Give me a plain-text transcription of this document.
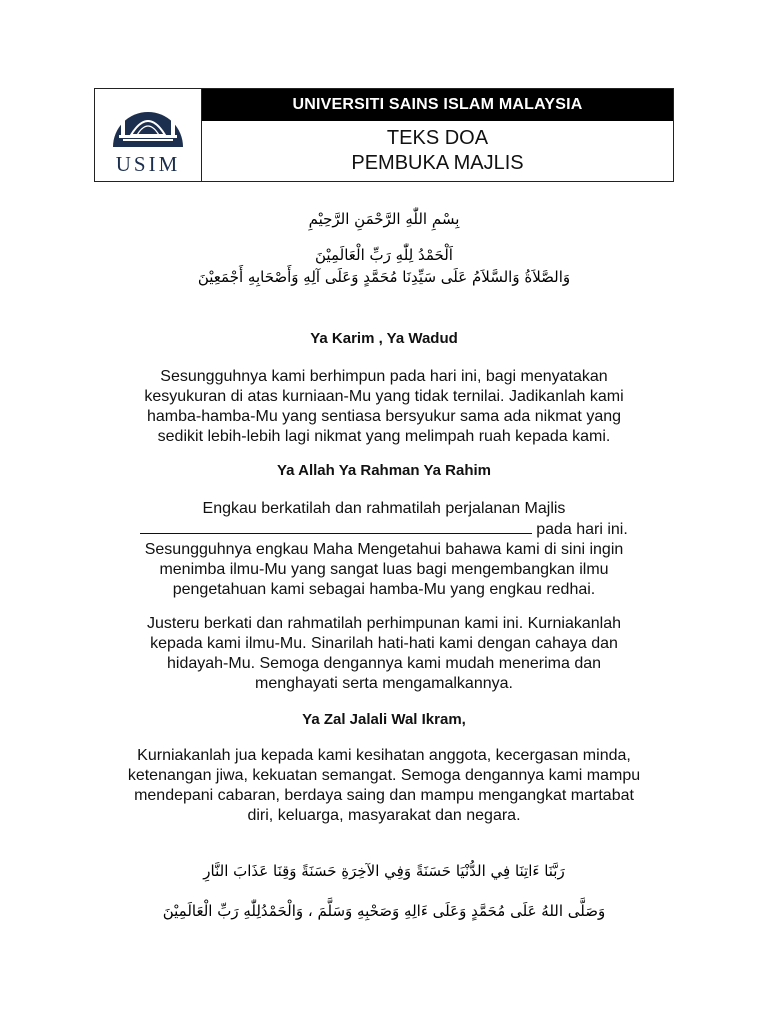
USIM
UNIVERSITI SAINS ISLAM MALAYSIA
TEKS DOA
PEMBUKA MAJLIS
بِسْمِ اللّٰهِ الرَّحْمَنِ الرَّحِيْمِ
اَلْحَمْدُ لِلّٰهِ رَبِّ الْعَالَمِيْنَ
وَالصَّلاَةُ وَالسَّلاَمُ عَلَى سَيِّدِنَا مُحَمَّدٍ وَعَلَى آلِهِ وَأَصْحَابِهِ أَجْمَعِيْنَ
Ya Karim , Ya Wadud
Sesungguhnya kami berhimpun pada hari ini, bagi menyatakan
kesyukuran di atas kurniaan-Mu yang tidak ternilai. Jadikanlah kami
hamba-hamba-Mu yang sentiasa bersyukur sama ada nikmat yang
sedikit lebih-lebih lagi nikmat yang melimpah ruah kepada kami.
Ya Allah Ya Rahman Ya Rahim
Engkau berkatilah dan rahmatilah perjalanan Majlis
pada hari ini.
Sesungguhnya engkau Maha Mengetahui bahawa kami di sini ingin
menimba ilmu-Mu yang sangat luas bagi mengembangkan ilmu
pengetahuan kami sebagai hamba-Mu yang engkau redhai.
Justeru berkati dan rahmatilah perhimpunan kami ini. Kurniakanlah
kepada kami ilmu-Mu. Sinarilah hati-hati kami dengan cahaya dan
hidayah-Mu. Semoga dengannya kami mudah menerima dan
menghayati serta mengamalkannya.
Ya Zal Jalali Wal Ikram,
Kurniakanlah jua kepada kami kesihatan anggota, kecergasan minda,
ketenangan jiwa, kekuatan semangat. Semoga dengannya kami mampu
mendepani cabaran, berdaya saing dan mampu mengangkat martabat
diri, keluarga, masyarakat dan negara.
رَبَّنَا ءَاتِنَا فِي الدُّنْيَا حَسَنَةً وَفِي الآخِرَةِ حَسَنَةً وَقِنَا عَذَابَ النَّارِ
وَصَلَّى اللهُ عَلَى مُحَمَّدٍ وَعَلَى ءَالِهِ وَصَحْبِهِ وَسَلَّمَ ، وَالْحَمْدُلِلّٰهِ رَبِّ الْعَالَمِيْنَ
